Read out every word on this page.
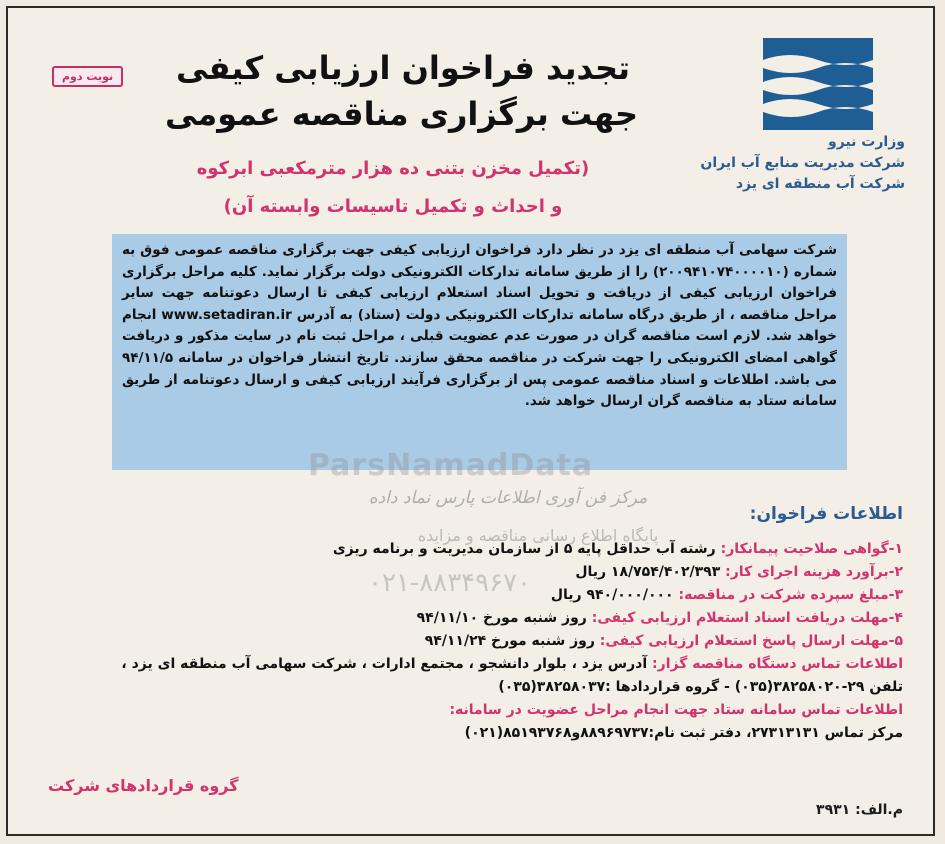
وزارت نیرو
شرکت مدیریت منابع آب ایران
شرکت آب منطقه ای یزد
نوبت دوم	تجدید فراخوان ارزیابی کیفی
جهت برگزاری مناقصه عمومی
(تکمیل مخزن بتنی ده هزار مترمکعبی ابرکوه
و احداث و تکمیل تاسیسات وابسته آن)

شرکت سهامی آب منطقه ای یزد در نظر دارد فراخوان ارزیابی کیفی جهت برگزاری مناقصه عمومی فوق به شماره (۲۰۰۹۴۱۰۷۴۰۰۰۰۱۰) را از طریق سامانه تدارکات الکترونیکی دولت برگزار نماید. کلیه مراحل برگزاری فراخوان ارزیابی کیفی از دریافت و تحویل اسناد استعلام ارزیابی کیفی تا ارسال دعوتنامه جهت سایر مراحل مناقصه ، از طریق درگاه سامانه تدارکات الکترونیکی دولت (ستاد) به آدرس www.setadiran.ir انجام خواهد شد. لازم است مناقصه گران در صورت عدم عضویت قبلی ، مراحل ثبت نام در سایت مذکور و دریافت گواهی امضای الکترونیکی را جهت شرکت در مناقصه محقق سازند. تاریخ انتشار فراخوان در سامانه ۹۴/۱۱/۵ می باشد. اطلاعات و اسناد مناقصه عمومی پس از برگزاری فرآیند ارزیابی کیفی و ارسال دعوتنامه از طریق سامانه ستاد به مناقصه گران ارسال خواهد شد.

ParsNamadData
مرکز فن آوری اطلاعات پارس نماد داده
پایگاه اطلاع رسانی مناقصه و مزایده
۰۲۱-۸۸۳۴۹۶۷۰
اطلاعات فراخوان:
۱-گواهی صلاحیت پیمانکار: رشته آب حداقل پایه ۵ از سازمان مدیریت و برنامه ریزی
۲-برآورد هزینه اجرای کار: ۱۸/۷۵۴/۴۰۲/۳۹۳ ریال
۳-مبلغ سپرده شرکت در مناقصه: ۹۴۰/۰۰۰/۰۰۰ ریال
۴-مهلت دریافت اسناد استعلام ارزیابی کیفی: روز شنبه مورخ ۹۴/۱۱/۱۰
۵-مهلت ارسال پاسخ استعلام ارزیابی کیفی: روز شنبه مورخ ۹۴/۱۱/۲۴
اطلاعات تماس دستگاه مناقصه گزار: آدرس یزد ، بلوار دانشجو ، مجتمع ادارات ، شرکت سهامی آب منطقه ای یزد ،
تلفن ۲۹-۳۸۲۵۸۰۲۰(۰۳۵) - گروه قراردادها :۳۸۲۵۸۰۳۷(۰۳۵)
اطلاعات تماس سامانه ستاد جهت انجام مراحل عضویت در سامانه:
مرکز تماس ۲۷۳۱۳۱۳۱، دفتر ثبت نام:۸۸۹۶۹۷۳۷و۸۵۱۹۳۷۶۸(۰۲۱)
گروه قراردادهای شرکت
م.الف: ۳۹۳۱
